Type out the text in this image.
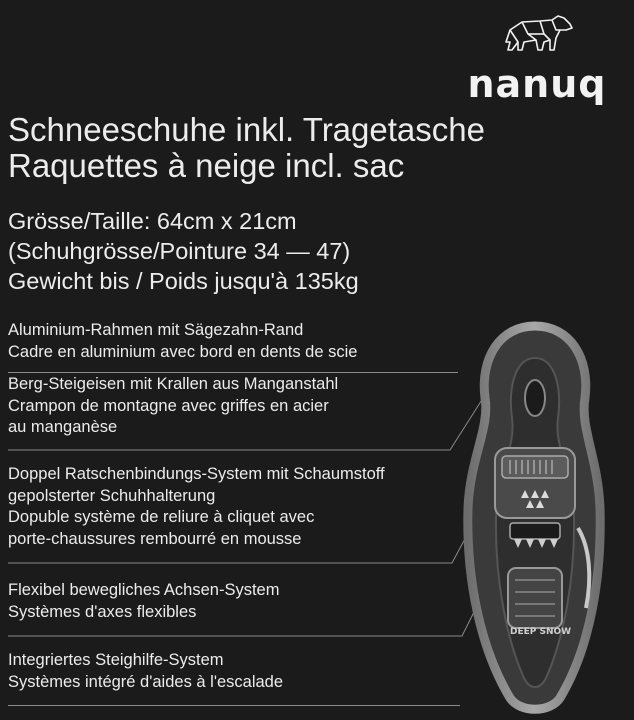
nanuq
Schneeschuhe inkl. Tragetasche
Raquettes à neige incl. sac
Grösse/Taille: 64cm x 21cm
(Schuhgrösse/Pointure 34 — 47)
Gewicht bis / Poids jusqu'à 135kg
DEEP SNOW
Aluminium-Rahmen mit Sägezahn-Rand
Cadre en aluminium avec bord en dents de scie
Berg-Steigeisen mit Krallen aus Manganstahl
Crampon de montagne avec griffes en acier
au manganèse
Doppel Ratschenbindungs-System mit Schaumstoff
gepolsterter Schuhhalterung
Dopuble système de reliure à cliquet avec
porte-chaussures rembourré en mousse
Flexibel bewegliches Achsen-System
Systèmes d'axes flexibles
Integriertes Steighilfe-System
Systèmes intégré d'aides à l'escalade
